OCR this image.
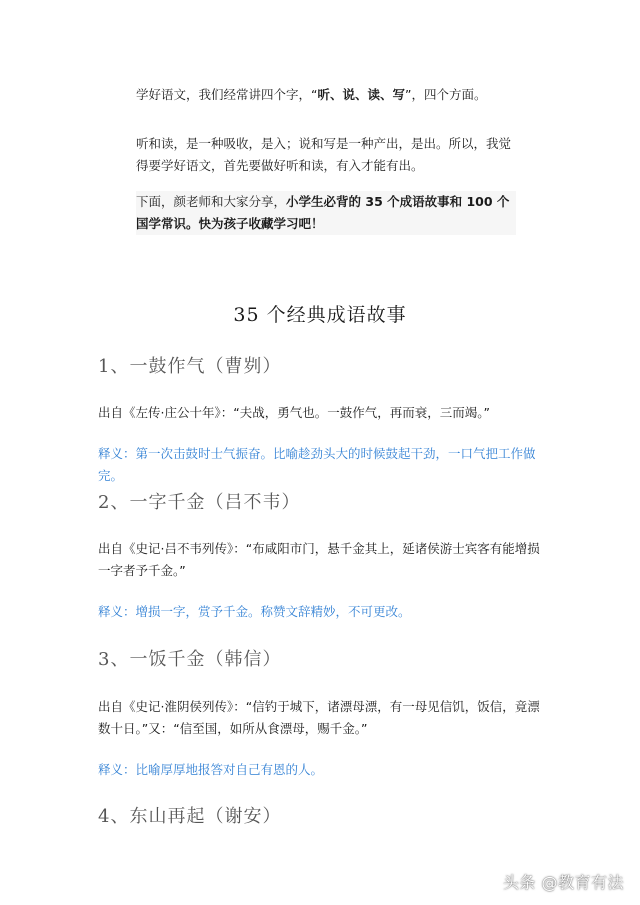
学好语文，我们经常讲四个字，“听、说、读、写”，四个方面。

听和读，是一种吸收，是入；说和写是一种产出，是出。所以，我觉得要学好语文，首先要做好听和读，有入才能有出。

下面，颜老师和大家分享，小学生必背的 35 个成语故事和 100 个国学常识。快为孩子收藏学习吧！

35 个经典成语故事
1、一鼓作气（曹刿）

出自《左传·庄公十年》：“夫战，勇气也。一鼓作气，再而衰，三而竭。”

释义：第一次击鼓时士气振奋。比喻趁劲头大的时候鼓起干劲，一口气把工作做完。

2、一字千金（吕不韦）

出自《史记·吕不韦列传》：“布咸阳市门，悬千金其上，延诸侯游士宾客有能增损一字者予千金。”

释义：增损一字，赏予千金。称赞文辞精妙，不可更改。

3、一饭千金（韩信）

出自《史记·淮阴侯列传》：“信钓于城下，诸漂母漂，有一母见信饥，饭信，竟漂数十日。”又：“信至国，如所从食漂母，赐千金。”

释义：比喻厚厚地报答对自己有恩的人。

4、东山再起（谢安）
头条 @教育有法
